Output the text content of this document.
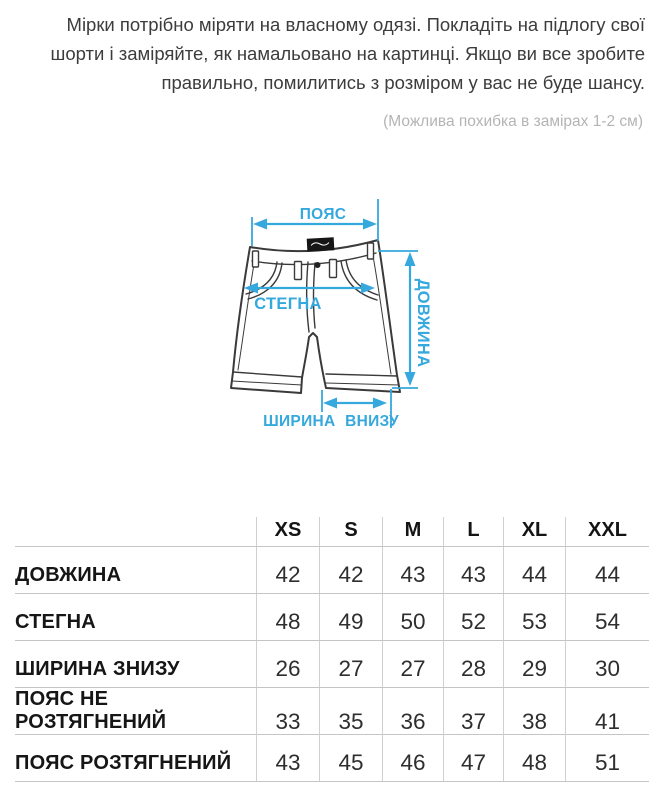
Мірки потрібно міряти на власному одязі. Покладіть на підлогу свої
шорти і заміряйте, як намальовано на картинці. Якщо ви все зробите
правильно, помилитись з розміром у вас не буде шансу.
(Можлива похибка в замірах 1-2 см)
ПОЯС
СТЕГНА	ДОВЖИНА
ШИРИНА ВНИЗУ
XS	S	M	L	XL	XXL
ДОВЖИНА	42	42	43	43	44	44
СТЕГНА	48	49	50	52	53	54
ШИРИНА ЗНИЗУ	26	27	27	28	29	30
ПОЯС НЕ РОЗТЯГНЕНИЙ	33	35	36	37	38	41
ПОЯС РОЗТЯГНЕНИЙ	43	45	46	47	48	51
